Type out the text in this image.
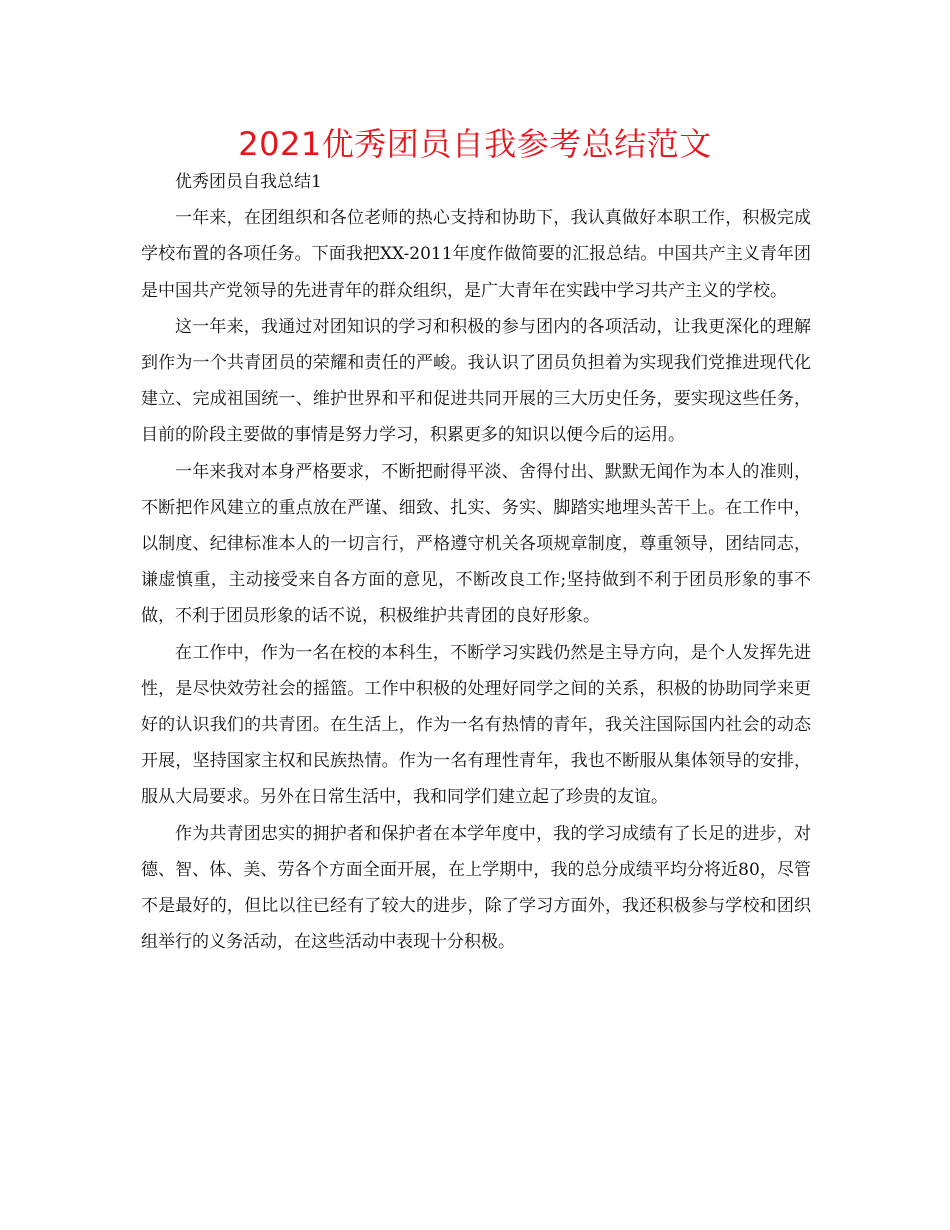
2021优秀团员自我参考总结范文

优秀团员自我总结1

一年来，在团组织和各位老师的热心支持和协助下，我认真做好本职工作，积极完成学校布置的各项任务。下面我把XX-2011年度作做简要的汇报总结。中国共产主义青年团是中国共产党领导的先进青年的群众组织，是广大青年在实践中学习共产主义的学校。

这一年来，我通过对团知识的学习和积极的参与团内的各项活动，让我更深化的理解到作为一个共青团员的荣耀和责任的严峻。我认识了团员负担着为实现我们党推进现代化建立、完成祖国统一、维护世界和平和促进共同开展的三大历史任务，要实现这些任务，目前的阶段主要做的事情是努力学习，积累更多的知识以便今后的运用。

一年来我对本身严格要求，不断把耐得平淡、舍得付出、默默无闻作为本人的准则，不断把作风建立的重点放在严谨、细致、扎实、务实、脚踏实地埋头苦干上。在工作中，以制度、纪律标准本人的一切言行，严格遵守机关各项规章制度，尊重领导，团结同志，谦虚慎重，主动接受来自各方面的意见，不断改良工作;坚持做到不利于团员形象的事不做，不利于团员形象的话不说，积极维护共青团的良好形象。

在工作中，作为一名在校的本科生，不断学习实践仍然是主导方向，是个人发挥先进性，是尽快效劳社会的摇篮。工作中积极的处理好同学之间的关系，积极的协助同学来更好的认识我们的共青团。在生活上，作为一名有热情的青年，我关注国际国内社会的动态开展，坚持国家主权和民族热情。作为一名有理性青年，我也不断服从集体领导的安排，服从大局要求。另外在日常生活中，我和同学们建立起了珍贵的友谊。

作为共青团忠实的拥护者和保护者在本学年度中，我的学习成绩有了长足的进步，对德、智、体、美、劳各个方面全面开展，在上学期中，我的总分成绩平均分将近80，尽管不是最好的，但比以往已经有了较大的进步，除了学习方面外，我还积极参与学校和团织组举行的义务活动，在这些活动中表现十分积极。
